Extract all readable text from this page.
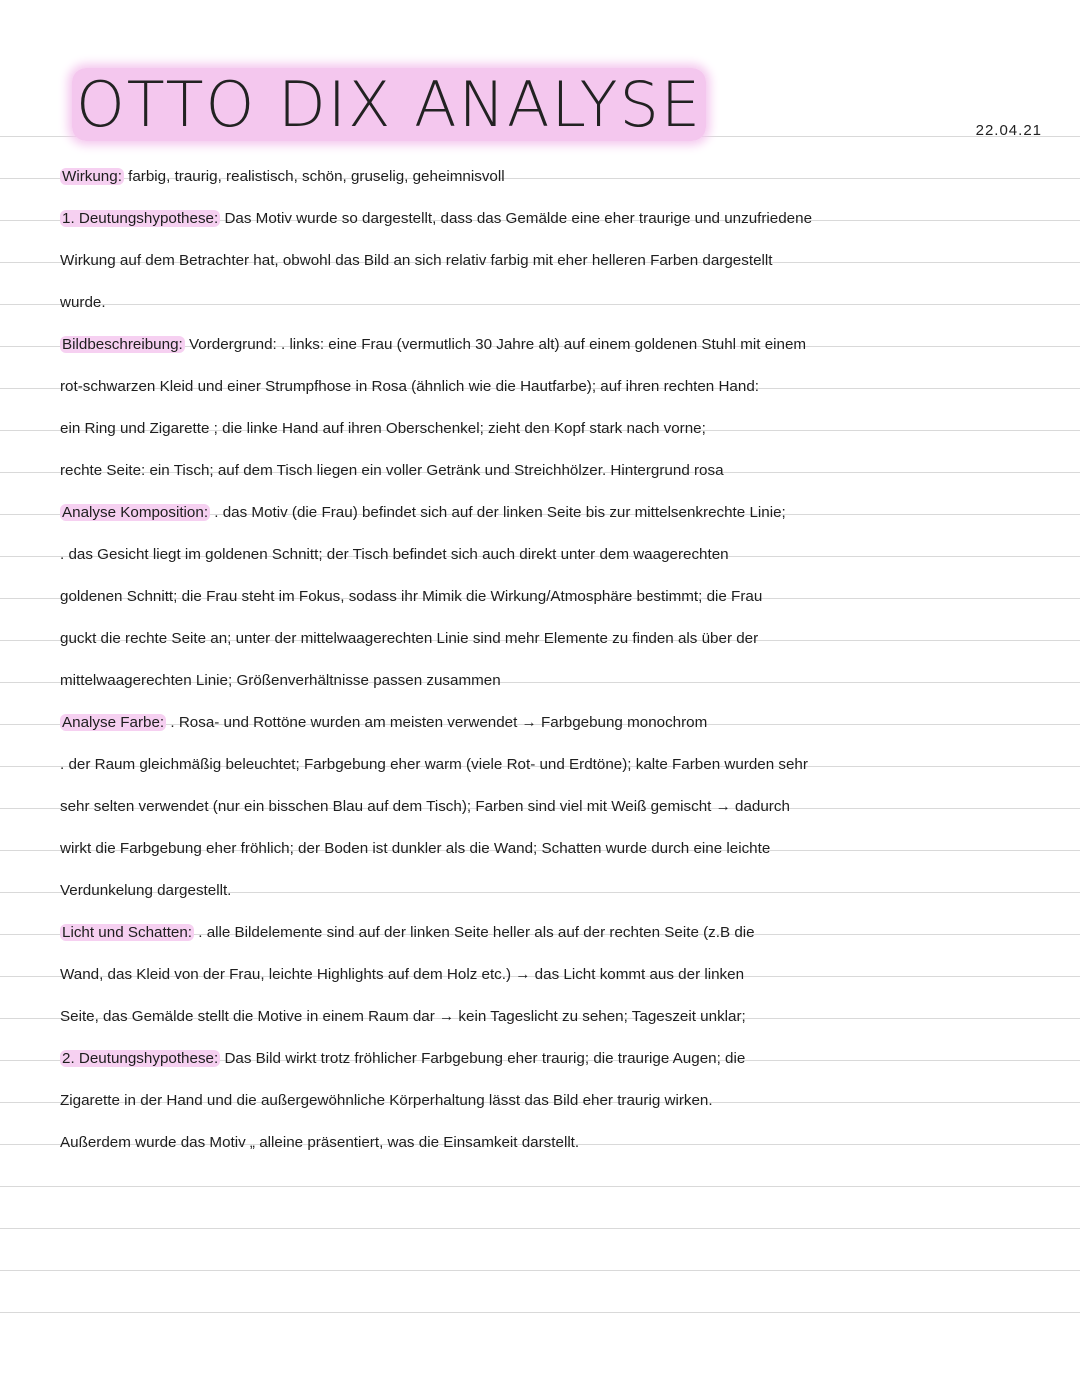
OTTO DIX ANALYSE	22.04.21
Wirkung: farbig, traurig, realistisch, schön, gruselig, geheimnisvoll
1. Deutungshypothese: Das Motiv wurde so dargestellt, dass das Gemälde eine eher traurige und unzufriedene
Wirkung auf dem Betrachter hat, obwohl das Bild an sich relativ farbig mit eher helleren Farben dargestellt
wurde.
Bildbeschreibung: Vordergrund: . links: eine Frau (vermutlich 30 Jahre alt) auf einem goldenen Stuhl mit einem
rot-schwarzen Kleid und einer Strumpfhose in Rosa (ähnlich wie die Hautfarbe); auf ihren rechten Hand:
ein Ring und Zigarette ; die linke Hand auf ihren Oberschenkel; zieht den Kopf stark nach vorne;
rechte Seite: ein Tisch; auf dem Tisch liegen ein voller Getränk und Streichhölzer. Hintergrund rosa
Analyse Komposition: . das Motiv (die Frau) befindet sich auf der linken Seite bis zur mittelsenkrechte Linie;
. das Gesicht liegt im goldenen Schnitt; der Tisch befindet sich auch direkt unter dem waagerechten
goldenen Schnitt; die Frau steht im Fokus, sodass ihr Mimik die Wirkung/Atmosphäre bestimmt; die Frau
guckt die rechte Seite an; unter der mittelwaagerechten Linie sind mehr Elemente zu finden als über der
mittelwaagerechten Linie; Größenverhältnisse passen zusammen
Analyse Farbe: . Rosa- und Rottöne wurden am meisten verwendet → Farbgebung monochrom
. der Raum gleichmäßig beleuchtet; Farbgebung eher warm (viele Rot- und Erdtöne); kalte Farben wurden sehr
sehr selten verwendet (nur ein bisschen Blau auf dem Tisch); Farben sind viel mit Weiß gemischt → dadurch
wirkt die Farbgebung eher fröhlich; der Boden ist dunkler als die Wand; Schatten wurde durch eine leichte
Verdunkelung dargestellt.
Licht und Schatten: . alle Bildelemente sind auf der linken Seite heller als auf der rechten Seite (z.B die
Wand, das Kleid von der Frau, leichte Highlights auf dem Holz etc.) → das Licht kommt aus der linken
Seite, das Gemälde stellt die Motive in einem Raum dar → kein Tageslicht zu sehen; Tageszeit unklar;
2. Deutungshypothese: Das Bild wirkt trotz fröhlicher Farbgebung eher traurig; die traurige Augen; die
Zigarette in der Hand und die außergewöhnliche Körperhaltung lässt das Bild eher traurig wirken.
Außerdem wurde das Motiv „ alleine präsentiert, was die Einsamkeit darstellt.
